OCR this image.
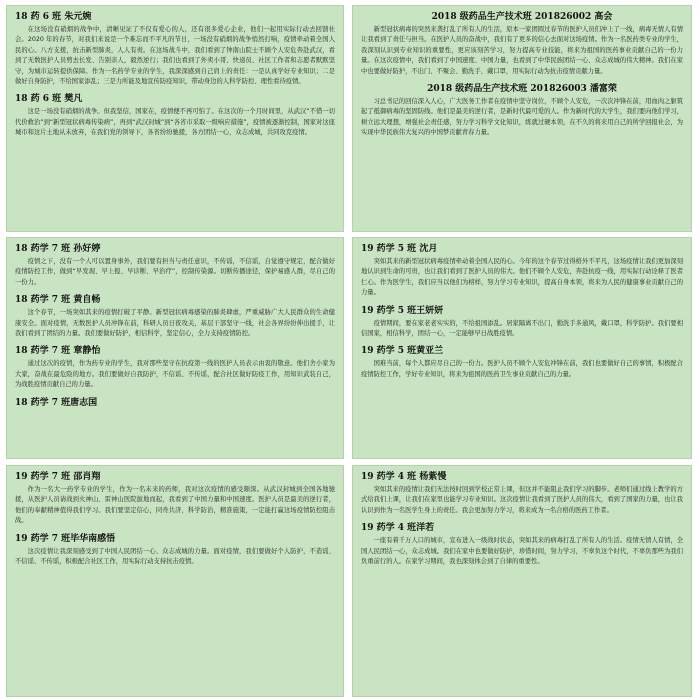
18 药 6 班 朱元婉
在这场没有硝烟的战争中，清晰见证了不仅有爱心的人，还有很多爱心企业，他们一起用实际行动去回馈社会。2020 年的春节，对我们来说是一个难忘而不平凡的节日，一场没有硝烟的战争悄然打响，疫情牵动着全国人民的心。八方支援，抗击新型肺炎，人人有责。在这场战斗中，我们看到了钟南山院士不顾个人安危奔赴武汉，看到了无数医护人员剪去长发、告别亲人，毅然逆行；我们也看到了外卖小哥、快递员、社区工作者和志愿者默默坚守，为城市运转提供保障。作为一名药学专业的学生，我深深感到自己肩上的责任：一是认真学好专业知识；二是做好自身防护，不给国家添乱；三是力所能及地宣传防疫知识，带动身边的人科学防控、理性看待疫情。
18 药 6 班 樊凡
这是一场没有硝烟的战争。但我坚信，国家在，疫情便不再可怕了。在这次的一个月时间里，从武汉“不惜一切代价救治”到“新型冠状病毒传染病”，再到“武汉封城”到“各省市采取一级响应措施”，疫情被逐渐控制，国家对这座城市和这片土地从未放弃，在我们党的领导下，各省纷纷驰援，各方团结一心，众志成城，共同攻克疫情。
2018 级药品生产技术班 201826002 高会
新型冠状病毒的突然来袭打乱了所有人的生活，原本一家团圆过春节的医护人员们冲上了一线，病毒无情人有情让我看到了责任与担当。在医护人员的奋战中，我们有了更多的信心去面对这场疫情。作为一名医药类专业的学生，我深刻认识到专业知识的重要性，更应该刻苦学习，努力提高专业技能，将来为祖国的医药事业贡献自己的一份力量。在这次疫情中，我们看到了中国速度、中国力量，也看到了中华民族团结一心、众志成城的伟大精神。我们在家中也要做好防护，不出门、不聚会、勤洗手、戴口罩，用实际行动为抗击疫情贡献力量。
2018 级药品生产技术班 201826003 潘富荣
习总书记的回信深入人心，广大医务工作者在疫情中坚守岗位，不顾个人安危，一次次冲锋在前，用血肉之躯筑起了抵御病毒的坚固防线。他们是最美的逆行者，是新时代最可爱的人。作为新时代的大学生，我们要向他们学习，树立远大理想，增强社会责任感，努力学习科学文化知识，练就过硬本领，在不久的将来用自己的所学回报社会，为实现中华民族伟大复兴的中国梦贡献青春力量。
18 药学 7 班 孙好婷
疫情之下，没有一个人可以置身事外，我们要有担当与责任意识，不传谣，不信谣，自觉遵守规定，配合做好疫情防控工作，做到“早发现、早上报、早诊断、早治疗”，控制传染源。切断传播途径，保护易感人群，尽自己的一份力。
18 药学 7 班 黄自畅
这个春节，一场突如其来的疫情打破了平静。新型冠状病毒感染的肺炎肆虐，严重威胁广大人民群众的生命健康安全。面对疫情，无数医护人员冲锋在前，科研人员日夜攻关，基层干部坚守一线，社会各界纷纷伸出援手，让我们看到了团结的力量。我们要做好防护，相信科学，坚定信心，全力支持疫情防控。
18 药学 7 班 章静怡
通过这次的疫情，作为药专业的学生，我对那些坚守在抗疫第一线的医护人员表示由衷的敬意。他们舍小家为大家，奋战在最危险的地方。我们要做好自我防护，不信谣、不传谣，配合社区做好防疫工作，用知识武装自己，为战胜疫情贡献自己的力量。
18 药学 7 班唐志国
19 药学 5 班 沈月
突如其来的新型冠状病毒疫情牵动着全国人民的心。今年的这个春节过得格外不平凡，这场疫情让我们更加深刻地认识到生命的可贵，也让我们看到了医护人员的伟大。他们不顾个人安危，奔赴抗疫一线，用实际行动诠释了医者仁心。作为医学生，我们应当以他们为榜样，努力学习专业知识，提高自身本领，将来为人民的健康事业贡献自己的力量。
19 药学 5 班王妍妍
疫情期间，要在家老老实实的，不给祖国添乱。居家隔离不出门，勤洗手多通风，戴口罩，科学防护。我们要相信国家，相信科学，团结一心，一定能够早日战胜疫情。
19 药学 5 班黄亚兰
国难当前，每个人都应尽自己的一份力。医护人员不顾个人安危冲锋在前，我们也要做好自己的事情，积极配合疫情防控工作，学好专业知识，将来为祖国的医药卫生事业贡献自己的力量。
19 药学 7 班 邵肖翔
作为一名大一药学专业的学生，作为一名未来的药师，我对这次疫情的感受颇深。从武汉封城到全国各地驰援，从医护人员请战到火神山、雷神山医院拔地而起，我看到了中国力量和中国速度。医护人员是最美的逆行者，他们的奉献精神值得我们学习。我们要坚定信心，同舟共济，科学防治，精准施策，一定能打赢这场疫情防控阻击战。
19 药学 7 班毕华南感悟
这次疫情让我深刻感受到了中国人民团结一心、众志成城的力量。面对疫情，我们要做好个人防护，不造谣、不信谣、不传谣，积极配合社区工作，用实际行动支持抗击疫情。
19 药学 4 班 杨紫慢
突如其来的疫情让我们无法按时回到学校正常上课，但这并不能阻止我们学习的脚步。老师们通过线上教学的方式给我们上课，让我们在家里也能学习专业知识。这次疫情让我看到了医护人员的伟大，看到了国家的力量，也让我认识到作为一名医学生身上的责任。我会更加努力学习，将来成为一名合格的医药工作者。
19 药学 4 班洋若
一座有着千万人口的城市，宣布进入一级战时状态，突如其来的病毒打乱了所有人的生活。疫情无情人有情，全国人民团结一心，众志成城。我们在家中也要做好防护，珍惜时间，努力学习，不辜负这个时代，不辜负那些为我们负重前行的人。在家学习期间，我也深刻体会到了自律的重要性。
